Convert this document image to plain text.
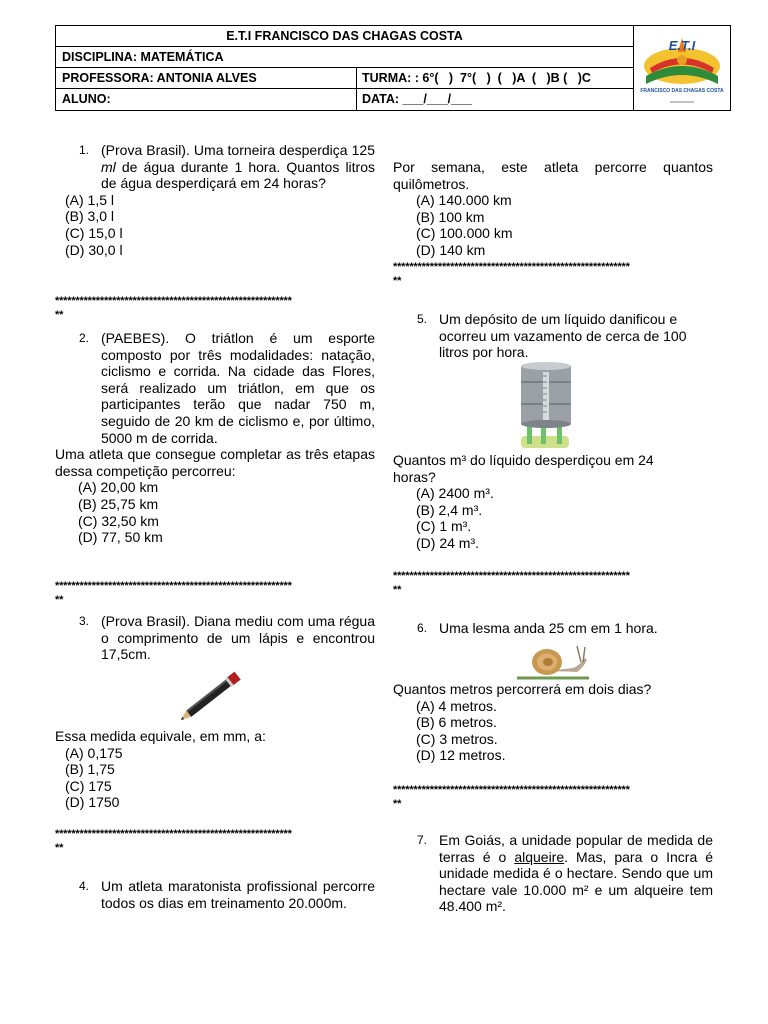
E.T.I FRANCISCO DAS CHAGAS COSTA
DISCIPLINA: MATEMÁTICA
PROFESSORA: ANTONIA ALVES	TURMA: : 6°(   )  7°(   )  (   )A  (   )B (   )C
ALUNO:	DATA: ___/___/___
E.T.I
FRANCISCO DAS CHAGAS COSTA
1. (Prova Brasil). Uma torneira desperdiça 125 ml de água durante 1 hora. Quantos litros de água desperdiçará em 24 horas?
(A) 1,5 l
(B) 3,0 l
(C) 15,0 l
(D) 30,0 l
**********************************************************
**
2. (PAEBES). O triátlon é um esporte composto por três modalidades: natação, ciclismo e corrida. Na cidade das Flores, será realizado um triátlon, em que os participantes terão que nadar 750 m, seguido de 20 km de ciclismo e, por último, 5000 m de corrida.
Uma atleta que consegue completar as três etapas dessa competição percorreu:
(A) 20,00 km
(B) 25,75 km
(C) 32,50 km
(D) 77, 50 km
**********************************************************
**
3. (Prova Brasil). Diana mediu com uma régua o comprimento de um lápis e encontrou 17,5cm.
Essa medida equivale, em mm, a:
(A) 0,175
(B) 1,75
(C) 175
(D) 1750
**********************************************************
**
4. Um atleta maratonista profissional percorre todos os dias em treinamento 20.000m.
Por semana, este atleta percorre quantos quilômetros.
(A) 140.000 km
(B) 100 km
(C) 100.000 km
(D) 140 km
**********************************************************
**
5. Um depósito de um líquido danificou e ocorreu um vazamento de cerca de 100 litros por hora.
Quantos m³ do líquido desperdiçou em 24 horas?
(A) 2400 m³.
(B) 2,4 m³.
(C) 1 m³.
(D) 24 m³.
**********************************************************
**
6. Uma lesma anda 25 cm em 1 hora.
Quantos metros percorrerá em dois dias?
(A) 4 metros.
(B) 6 metros.
(C) 3 metros.
(D) 12 metros.
**********************************************************
**
7. Em Goiás, a unidade popular de medida de terras é o alqueire. Mas, para o Incra é unidade medida é o hectare. Sendo que um hectare vale 10.000 m² e um alqueire tem 48.400 m².
